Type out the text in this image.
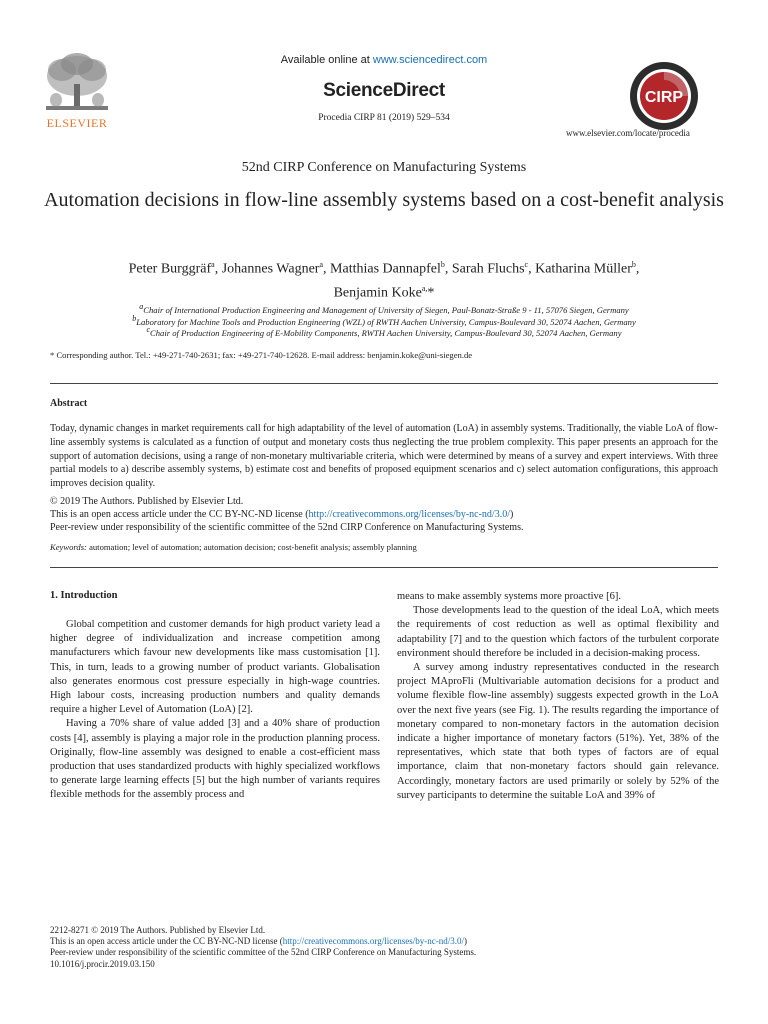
Available online at www.sciencedirect.com
ScienceDirect
Procedia CIRP 81 (2019) 529–534
ELSEVIER
CIRP
www.elsevier.com/locate/procedia
52nd CIRP Conference on Manufacturing Systems
Automation decisions in flow-line assembly systems based on a cost-benefit analysis
Peter Burggräf$^a$, Johannes Wagner$^a$, Matthias Dannapfel$^b$, Sarah Fluchs$^c$, Katharina Müller$^b$,
Benjamin Koke$^{a,}$*
$^a$Chair of International Production Engineering and Management of University of Siegen, Paul-Bonatz-Straße 9 - 11, 57076 Siegen, Germany
$^b$Laboratory for Machine Tools and Production Engineering (WZL) of RWTH Aachen University, Campus-Boulevard 30, 52074 Aachen, Germany
$^c$Chair of Production Engineering of E-Mobility Components, RWTH Aachen University, Campus-Boulevard 30, 52074 Aachen, Germany
* Corresponding author. Tel.: +49-271-740-2631; fax: +49-271-740-12628. E-mail address: benjamin.koke@uni-siegen.de
Abstract
Today, dynamic changes in market requirements call for high adaptability of the level of automation (LoA) in assembly systems. Traditionally, the viable LoA of flow-line assembly systems is calculated as a function of output and monetary costs thus neglecting the true problem complexity. This paper presents an approach for the support of automation decisions, using a range of non-monetary multivariable criteria, which were determined by means of a survey and expert interviews. With three partial models to a) describe assembly systems, b) estimate cost and benefits of proposed equipment scenarios and c) select automation configurations, this approach improves decision quality.
© 2019 The Authors. Published by Elsevier Ltd.
This is an open access article under the CC BY-NC-ND license (http://creativecommons.org/licenses/by-nc-nd/3.0/)
Peer-review under responsibility of the scientific committee of the 52nd CIRP Conference on Manufacturing Systems.
Keywords: automation; level of automation; automation decision; cost-benefit analysis; assembly planning
1. Introduction

Global competition and customer demands for high product variety lead a higher degree of individualization and increase competition among manufacturers which favour new developments like mass customisation [1]. This, in turn, leads to a growing number of product variants. Globalisation also generates enormous cost pressure especially in high-wage countries. High labour costs, increasing production numbers and quality demands require a higher Level of Automation (LoA) [2].

Having a 70% share of value added [3] and a 40% share of production costs [4], assembly is playing a major role in the production planning process. Originally, flow-line assembly was designed to enable a cost-efficient mass production that uses standardized products with highly specialized workflows to generate large learning effects [5] but the high number of variants requires flexible methods for the assembly process and

means to make assembly systems more proactive [6].

Those developments lead to the question of the ideal LoA, which meets the requirements of cost reduction as well as optimal flexibility and adaptability [7] and to the question which factors of the turbulent corporate environment should therefore be included in a decision-making process.

A survey among industry representatives conducted in the research project MAproFli (Multivariable automation decisions for a product and volume flexible flow-line assembly) suggests expected growth in the LoA over the next five years (see Fig. 1). The results regarding the importance of monetary compared to non-monetary factors in the automation decision indicate a higher importance of monetary factors (51%). Yet, 38% of the representatives, which state that both types of factors are of equal importance, claim that non-monetary factors should gain relevance. Accordingly, monetary factors are used primarily or solely by 52% of the survey participants to determine the suitable LoA and 39% of

2212-8271 © 2019 The Authors. Published by Elsevier Ltd.
This is an open access article under the CC BY-NC-ND license (http://creativecommons.org/licenses/by-nc-nd/3.0/)
Peer-review under responsibility of the scientific committee of the 52nd CIRP Conference on Manufacturing Systems.
10.1016/j.procir.2019.03.150
